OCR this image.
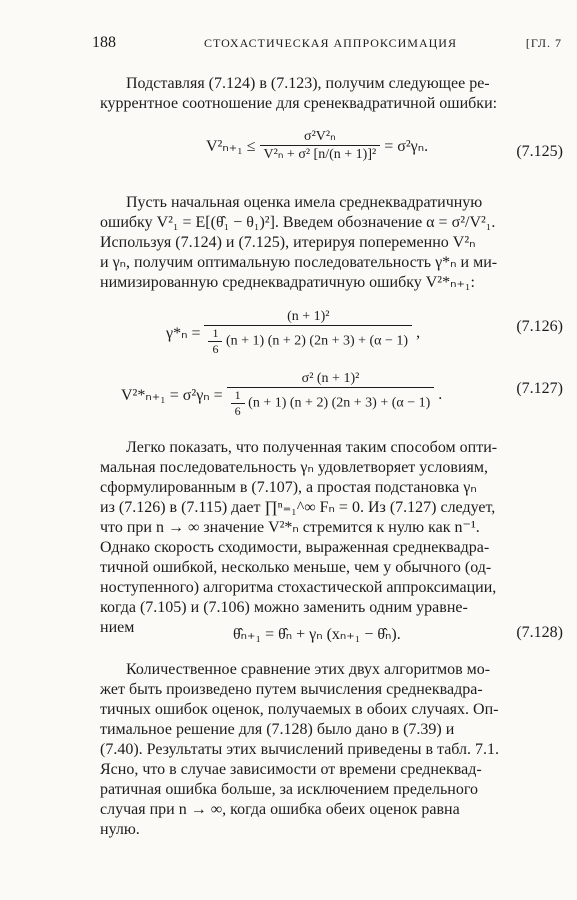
188	СТОХАСТИЧЕСКАЯ АППРОКСИМАЦИЯ	[ГЛ. 7
Подставляя (7.124) в (7.123), получим следующее ре-
куррентное соотношение для сренеквадратичной ошибки:
$V^2_{n+1} \le \frac{\text{σ²V²ₙ}}{\text{V²ₙ + σ² [n/(n + 1)]²}} = \sigma^2\gamma_n$.	(7.125)
Пусть начальная оценка имела среднеквадратичную
ошибку V²₁ = E[(θ̂₁ − θ₁)²]. Введем обозначение α = σ²/V²₁.
Используя (7.124) и (7.125), итерируя попеременно V²ₙ
и γₙ, получим оптимальную последовательность γ*ₙ и ми-
нимизированную среднеквадратичную ошибку V²*ₙ₊₁:
$\gamma*_n = \frac{\text{(n + 1)²}}{\frac{1}{6} (n + 1) (n + 2) (2n + 3) + (\alpha - 1)}$ ,	(7.126)
$V^2*_{n+1} = \sigma^2\gamma_n = \frac{\text{σ² (n + 1)²}}{\frac{1}{6} (n + 1) (n + 2) (2n + 3) + (\alpha - 1)}$ .	(7.127)
Легко показать, что полученная таким способом опти-
мальная последовательность γₙ удовлетворяет условиям,
сформулированным в (7.107), а простая подстановка γₙ
из (7.126) в (7.115) дает ∏ⁿ₌₁^∞ Fₙ = 0. Из (7.127) следует,
что при n → ∞ значение V²*ₙ стремится к нулю как n⁻¹.
Однако скорость сходимости, выраженная среднеквадра-
тичной ошибкой, несколько меньше, чем у обычного (од-
ноступенного) алгоритма стохастической аппроксимации,
когда (7.105) и (7.106) можно заменить одним уравне-
нием	θ̂ₙ₊₁ = θ̂ₙ + γₙ (xₙ₊₁ − θ̂ₙ).	(7.128)
Количественное сравнение этих двух алгоритмов мо-
жет быть произведено путем вычисления среднеквадра-
тичных ошибок оценок, получаемых в обоих случаях. Оп-
тимальное решение для (7.128) было дано в (7.39) и
(7.40). Результаты этих вычислений приведены в табл. 7.1.
Ясно, что в случае зависимости от времени среднеквад-
ратичная ошибка больше, за исключением предельного
случая при n → ∞, когда ошибка обеих оценок равна
нулю.
